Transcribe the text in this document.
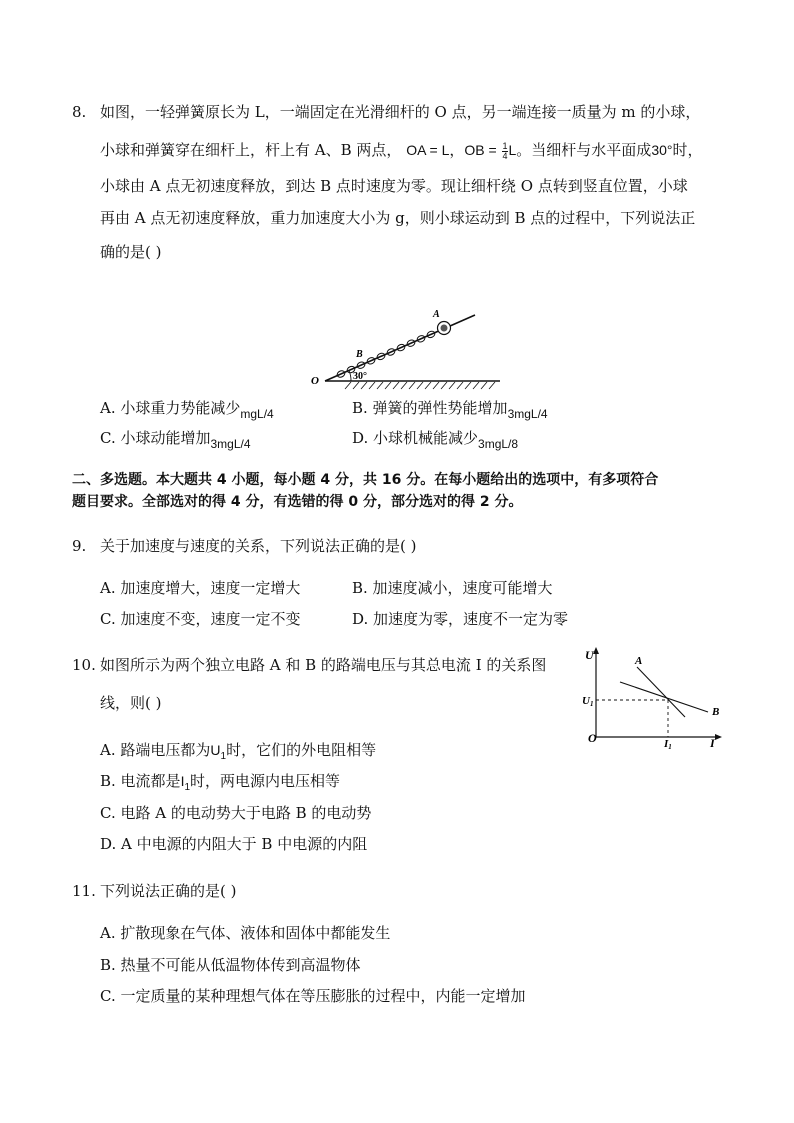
8. 如图，一轻弹簧原长为 L，一端固定在光滑细杆的 O 点，另一端连接一质量为 m 的小球，
小球和弹簧穿在细杆上，杆上有 A、B 两点， OA = L，OB = $\frac{1}{4}$ L。当细杆与水平面成30°时，
小球由 A 点无初速度释放，到达 B 点时速度为零。现让细杆绕 O 点转到竖直位置，小球
再由 A 点无初速度释放，重力加速度大小为 g，则小球运动到 B 点的过程中，下列说法正
确的是( )
30°
O
B
A
A. 小球重力势能减少$_{mgL/4}$	B. 弹簧的弹性势能增加$_{3mgL/4}$
C. 小球动能增加$_{3mgL/4}$	D. 小球机械能减少$_{3mgL/8}$
二、多选题。本大题共 4 小题，每小题 4 分，共 16 分。在每小题给出的选项中，有多项符合
题目要求。全部选对的得 4 分，有选错的得 0 分，部分选对的得 2 分。
9. 关于加速度与速度的关系，下列说法正确的是( )
A. 加速度增大，速度一定增大	B. 加速度减小，速度可能增大
C. 加速度不变，速度一定不变	D. 加速度为零，速度不一定为零
10. 如图所示为两个独立电路 A 和 B 的路端电压与其总电流 I 的关系图
线，则( )
U
I
O
U1
I1
A
B
A. 路端电压都为$U_1$时，它们的外电阻相等
B. 电流都是$I_1$时，两电源内电压相等
C. 电路 A 的电动势大于电路 B 的电动势
D. A 中电源的内阻大于 B 中电源的内阻
11. 下列说法正确的是( )
A. 扩散现象在气体、液体和固体中都能发生
B. 热量不可能从低温物体传到高温物体
C. 一定质量的某种理想气体在等压膨胀的过程中，内能一定增加
